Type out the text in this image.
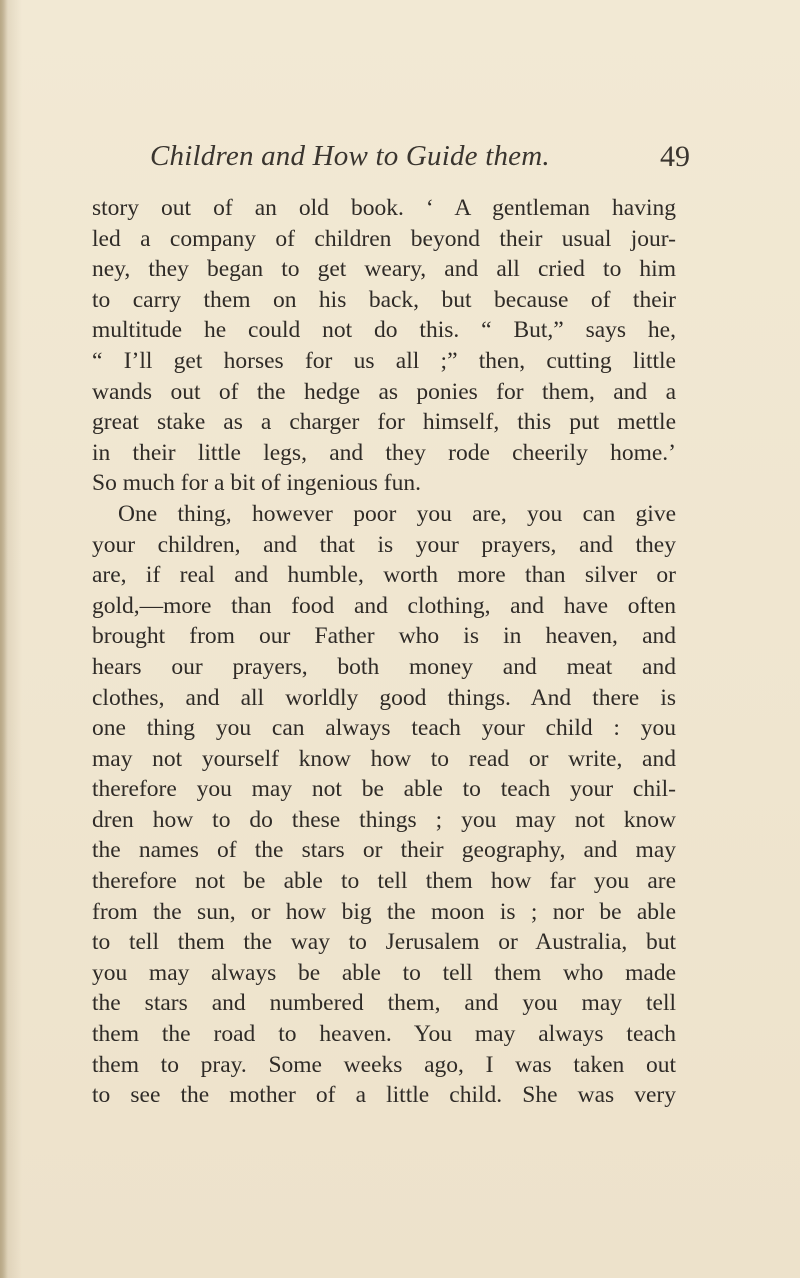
Children and How to Guide them.	49
story out of an old book. ‘ A gentleman having
led a company of children beyond their usual jour-
ney, they began to get weary, and all cried to him
to carry them on his back, but because of their
multitude he could not do this. “ But,” says he,
“ I’ll get horses for us all ;” then, cutting little
wands out of the hedge as ponies for them, and a
great stake as a charger for himself, this put mettle
in their little legs, and they rode cheerily home.’
So much for a bit of ingenious fun.
One thing, however poor you are, you can give
your children, and that is your prayers, and they
are, if real and humble, worth more than silver or
gold,—more than food and clothing, and have often
brought from our Father who is in heaven, and
hears our prayers, both money and meat and
clothes, and all worldly good things. And there is
one thing you can always teach your child : you
may not yourself know how to read or write, and
therefore you may not be able to teach your chil-
dren how to do these things ; you may not know
the names of the stars or their geography, and may
therefore not be able to tell them how far you are
from the sun, or how big the moon is ; nor be able
to tell them the way to Jerusalem or Australia, but
you may always be able to tell them who made
the stars and numbered them, and you may tell
them the road to heaven. You may always teach
them to pray. Some weeks ago, I was taken out
to see the mother of a little child. She was very
